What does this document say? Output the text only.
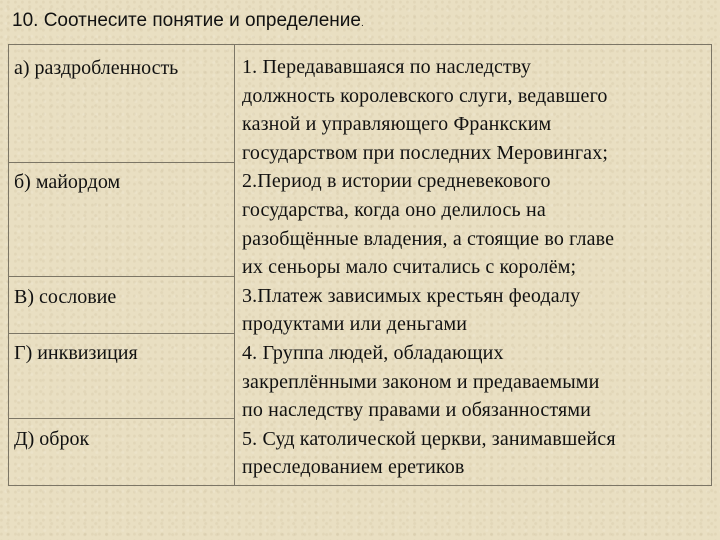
10. Соотнесите понятие и определение.
а) раздробленность
б) майордом
В) сословие
Г) инквизиция
Д) оброк
1. Передававшаяся по наследству
должность королевского слуги, ведавшего
казной и управляющего Франкским
государством при последних Меровингах;
2.Период в истории средневекового
государства, когда оно делилось на
разобщённые владения, а стоящие во главе
их сеньоры мало считались с королём;
3.Платеж зависимых крестьян феодалу
продуктами или деньгами
4. Группа людей, обладающих
закреплёнными законом и предаваемыми
по наследству правами и обязанностями
5. Суд католической церкви, занимавшейся
преследованием еретиков
